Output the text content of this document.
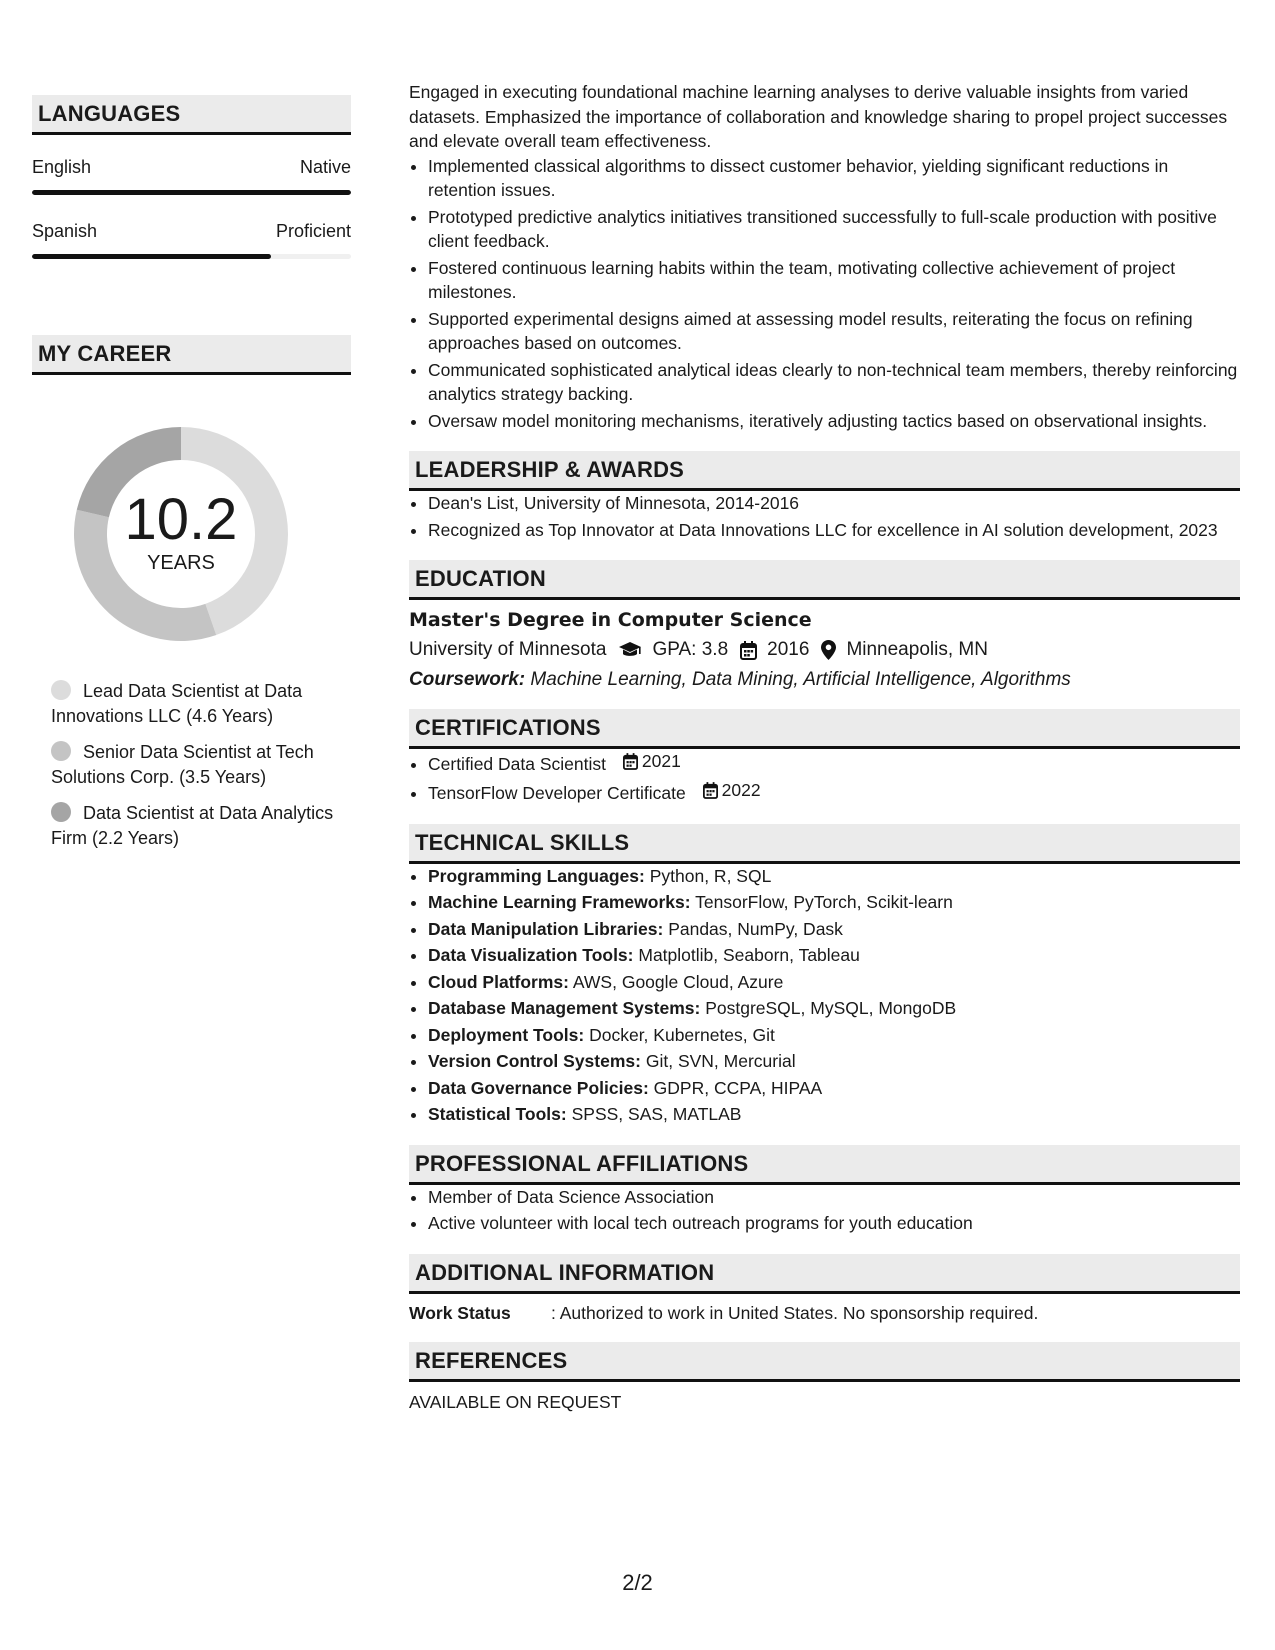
LANGUAGES
English	Native
Spanish	Proficient
MY CAREER
10.2
YEARS
Lead Data Scientist at Data Innovations LLC (4.6 Years)
Senior Data Scientist at Tech Solutions Corp. (3.5 Years)
Data Scientist at Data Analytics Firm (2.2 Years)
Engaged in executing foundational machine learning analyses to derive valuable insights from varied datasets. Emphasized the importance of collaboration and knowledge sharing to propel project successes and elevate overall team effectiveness.
• Implemented classical algorithms to dissect customer behavior, yielding significant reductions in retention issues.
• Prototyped predictive analytics initiatives transitioned successfully to full-scale production with positive client feedback.
• Fostered continuous learning habits within the team, motivating collective achievement of project milestones.
• Supported experimental designs aimed at assessing model results, reiterating the focus on refining approaches based on outcomes.
• Communicated sophisticated analytical ideas clearly to non-technical team members, thereby reinforcing analytics strategy backing.
• Oversaw model monitoring mechanisms, iteratively adjusting tactics based on observational insights.
LEADERSHIP & AWARDS
• Dean's List, University of Minnesota, 2014-2016
• Recognized as Top Innovator at Data Innovations LLC for excellence in AI solution development, 2023
EDUCATION
Master's Degree in Computer Science
University of Minnesota GPA: 3.8 2016 Minneapolis, MN
Coursework: Machine Learning, Data Mining, Artificial Intelligence, Algorithms
CERTIFICATIONS
• Certified Data Scientist 2021
• TensorFlow Developer Certificate 2022
TECHNICAL SKILLS
• Programming Languages: Python, R, SQL
• Machine Learning Frameworks: TensorFlow, PyTorch, Scikit-learn
• Data Manipulation Libraries: Pandas, NumPy, Dask
• Data Visualization Tools: Matplotlib, Seaborn, Tableau
• Cloud Platforms: AWS, Google Cloud, Azure
• Database Management Systems: PostgreSQL, MySQL, MongoDB
• Deployment Tools: Docker, Kubernetes, Git
• Version Control Systems: Git, SVN, Mercurial
• Data Governance Policies: GDPR, CCPA, HIPAA
• Statistical Tools: SPSS, SAS, MATLAB
PROFESSIONAL AFFILIATIONS
• Member of Data Science Association
• Active volunteer with local tech outreach programs for youth education
ADDITIONAL INFORMATION
Work Status	: Authorized to work in United States. No sponsorship required.
REFERENCES
AVAILABLE ON REQUEST
2/2
